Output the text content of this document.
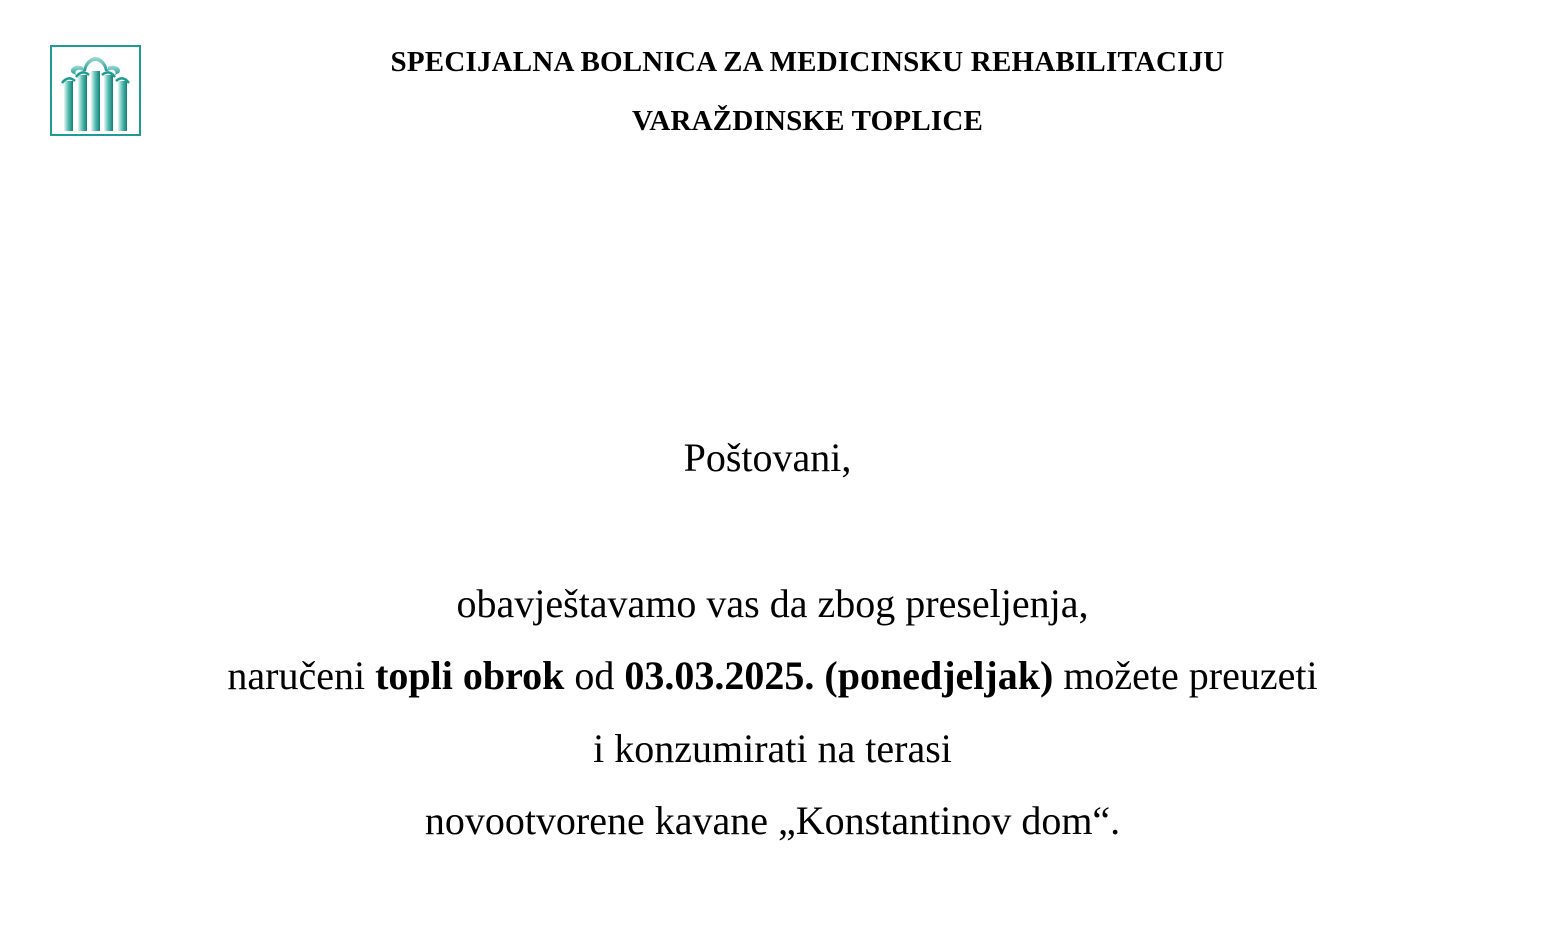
SPECIJALNA BOLNICA ZA MEDICINSKU REHABILITACIJU
VARAŽDINSKE TOPLICE
Poštovani,
obavještavamo vas da zbog preseljenja,
naručeni topli obrok od 03.03.2025. (ponedjeljak) možete preuzeti
i konzumirati na terasi
novootvorene kavane „Konstantinov dom“.
